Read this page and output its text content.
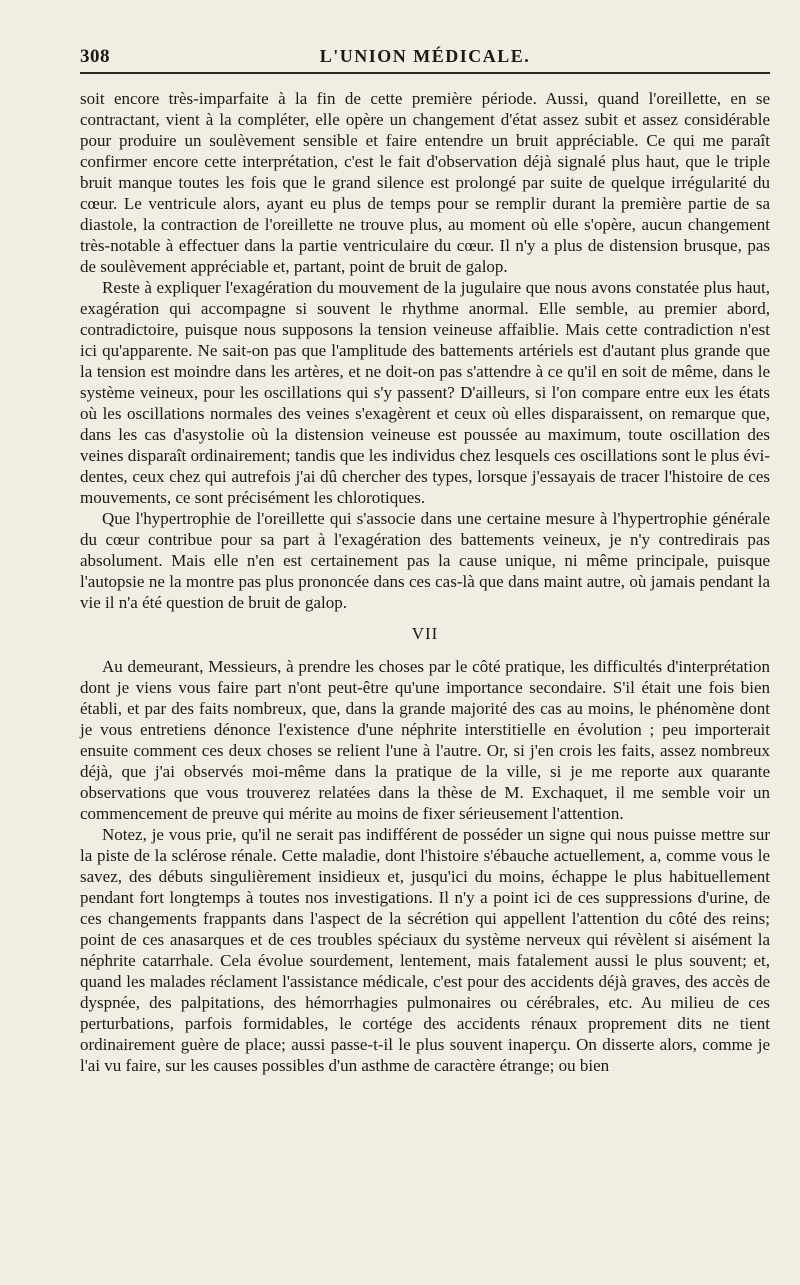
308	L'UNION MÉDICALE.

soit encore très-imparfaite à la fin de cette première période. Aussi, quand l'oreillette, en se contractant, vient à la compléter, elle opère un changement d'état assez subit et assez considérable pour produire un soulèvement sensible et faire entendre un bruit appréciable. Ce qui me paraît confirmer encore cette interprétation, c'est le fait d'observation déjà signalé plus haut, que le triple bruit manque toutes les fois que le grand silence est prolongé par suite de quelque irrégularité du cœur. Le ventricule alors, ayant eu plus de temps pour se remplir durant la première partie de sa diastole, la contraction de l'oreillette ne trouve plus, au moment où elle s'opère, aucun changement très-notable à effectuer dans la partie ventriculaire du cœur. Il n'y a plus de distension brusque, pas de soulèvement appréciable et, partant, point de bruit de galop.

Reste à expliquer l'exagération du mouvement de la jugulaire que nous avons constatée plus haut, exagération qui accompagne si souvent le rhythme anormal. Elle semble, au premier abord, contradictoire, puisque nous supposons la tension veineuse affaiblie. Mais cette contradiction n'est ici qu'apparente. Ne sait-on pas que l'amplitude des battements artériels est d'autant plus grande que la tension est moindre dans les artères, et ne doit-on pas s'attendre à ce qu'il en soit de même, dans le système veineux, pour les oscillations qui s'y passent? D'ailleurs, si l'on compare entre eux les états où les oscillations normales des veines s'exagèrent et ceux où elles disparaissent, on remarque que, dans les cas d'asystolie où la distension veineuse est poussée au maximum, toute oscillation des veines disparaît ordinairement; tandis que les individus chez lesquels ces oscillations sont le plus évidentes, ceux chez qui autrefois j'ai dû chercher des types, lorsque j'essayais de tracer l'histoire de ces mouvements, ce sont précisément les chlorotiques.

Que l'hypertrophie de l'oreillette qui s'associe dans une certaine mesure à l'hypertrophie générale du cœur contribue pour sa part à l'exagération des battements veineux, je n'y contredirais pas absolument. Mais elle n'en est certainement pas la cause unique, ni même principale, puisque l'autopsie ne la montre pas plus prononcée dans ces cas-là que dans maint autre, où jamais pendant la vie il n'a été question de bruit de galop.

VII

Au demeurant, Messieurs, à prendre les choses par le côté pratique, les difficultés d'interprétation dont je viens vous faire part n'ont peut-être qu'une importance secondaire. S'il était une fois bien établi, et par des faits nombreux, que, dans la grande majorité des cas au moins, le phénomène dont je vous entretiens dénonce l'existence d'une néphrite interstitielle en évolution ; peu importerait ensuite comment ces deux choses se relient l'une à l'autre. Or, si j'en crois les faits, assez nombreux déjà, que j'ai observés moi-même dans la pratique de la ville, si je me reporte aux quarante observations que vous trouverez relatées dans la thèse de M. Exchaquet, il me semble voir un commencement de preuve qui mérite au moins de fixer sérieusement l'attention.

Notez, je vous prie, qu'il ne serait pas indifférent de posséder un signe qui nous puisse mettre sur la piste de la sclérose rénale. Cette maladie, dont l'histoire s'ébauche actuellement, a, comme vous le savez, des débuts singulièrement insidieux et, jusqu'ici du moins, échappe le plus habituellement pendant fort longtemps à toutes nos investigations. Il n'y a point ici de ces suppressions d'urine, de ces changements frappants dans l'aspect de la sécrétion qui appellent l'attention du côté des reins; point de ces anasarques et de ces troubles spéciaux du système nerveux qui révèlent si aisément la néphrite catarrhale. Cela évolue sourdement, lentement, mais fatalement aussi le plus souvent; et, quand les malades réclament l'assistance médicale, c'est pour des accidents déjà graves, des accès de dyspnée, des palpitations, des hémorrhagies pulmonaires ou cérébrales, etc. Au milieu de ces perturbations, parfois formidables, le cortége des accidents rénaux proprement dits ne tient ordinairement guère de place; aussi passe-t-il le plus souvent inaperçu. On disserte alors, comme je l'ai vu faire, sur les causes possibles d'un asthme de caractère étrange; ou bien
